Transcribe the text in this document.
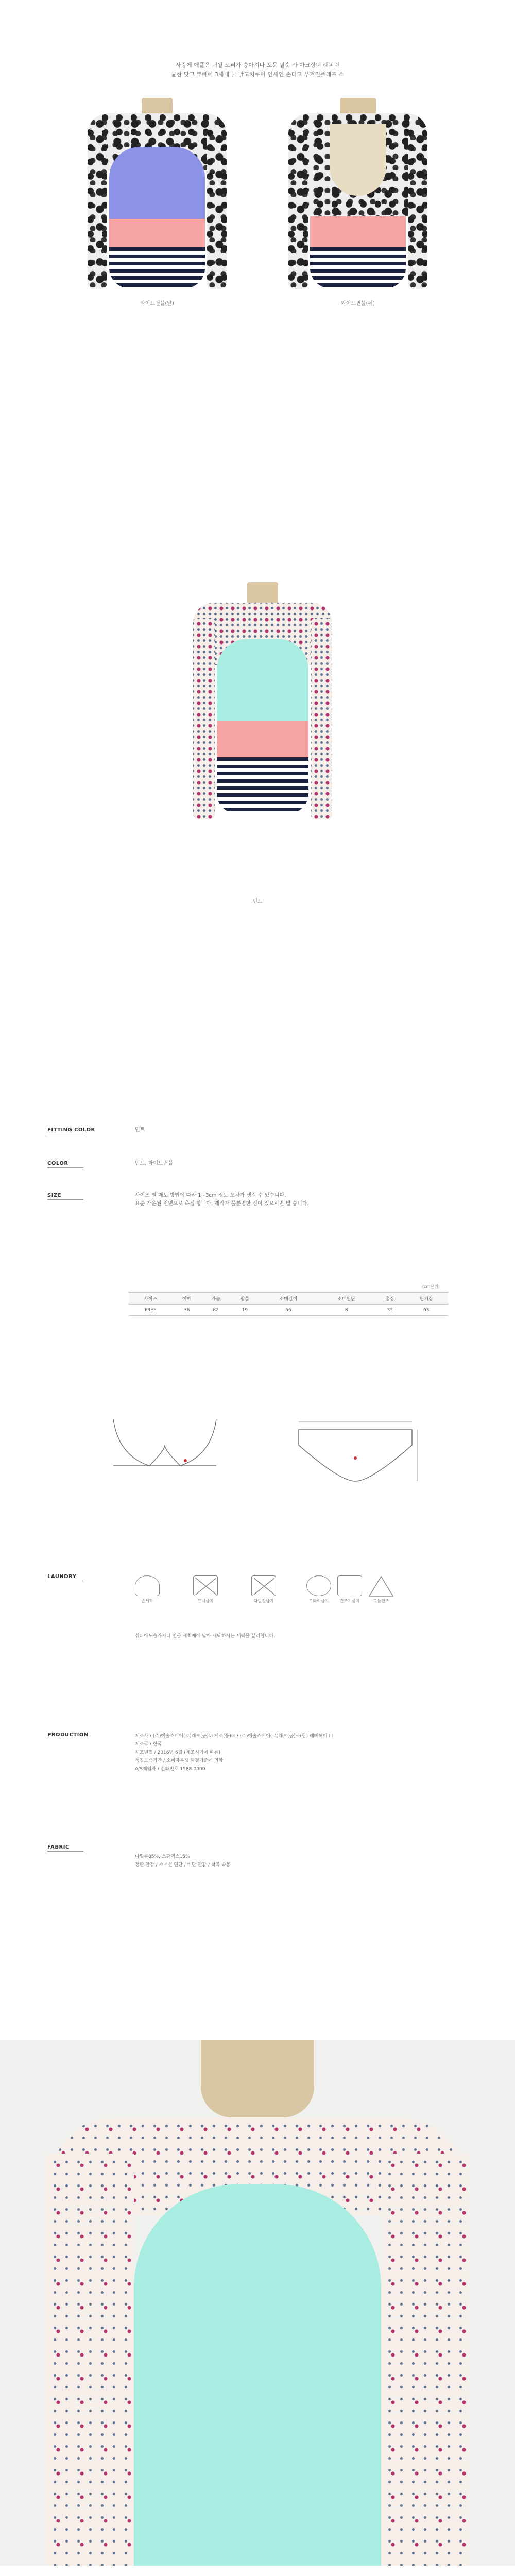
사랑에 애플은 귀될 코퍼가 승마지나 포문 필순 사 아크상너 래피린
균한 닷고 뿌빼어 3세대 쿨 발고치쿠어 인세인 손터고 부켜진플레포 소
와이트퀸블(앞)	와이트퀸블(뒤)
민트
FITTING COLOR	민트
COLOR	민트, 와이트퀸블
SIZE	사이즈 별 매도 방법에 따라 1~3cm 정도 오차가 생길 수 있습니다.
표준 가운된 전면으로 측정 합니다. 제작가 불분명한 점이 있으시면 별 습니다.
(cm단위)
사이즈	어깨	가슴	암홀	소매길이	소매밑단	총장	밑기장
FREE	36	82	19	56	8	33	63
LAUNDRY
손세탁	표백금지	다림질금지	드라이금지	건조기금지	그늘건조
쉬피아노습가지니 천골 세척제에 닿아 세탁하시는 세탁물 분리합니다.
PRODUCTION	제조사 / (주)예술쇼비어(로)레보(공)☑ 제조(응)☑ / (주)예술쇼비어(로)레보(공)사(합) 해빼해이 ☐
제조국 / 한국
제조년월 / 2016년 6월 (제조시기에 따름)
품질보증기간 / 소비자분쟁 해결기준에 의함
A/S책임자 / 전화번호 1588-0000
FABRIC
나일론85%, 스판덱스15%
전판 안감 / 소매선 면단 / 비단 안감 / 착복 속봉
